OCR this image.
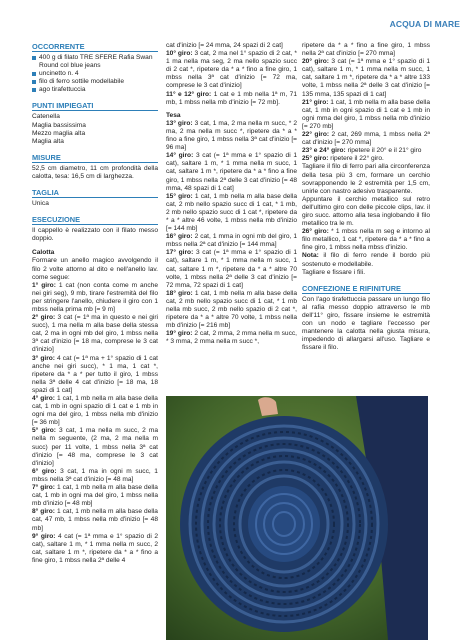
ACQUA DI MARE
OCCORRENTE
400 g di filato TRE SFERE Rafia Swan Round col blue jeans
uncinetto n. 4
filo di ferro sottile modellabile
ago tirafettuccia
PUNTI IMPIEGATI
Catenella
Maglia bassissima
Mezzo maglia alta
Maglia alta
MISURE
52,5 cm diametro, 11 cm profondità della calotta, tesa: 16,5 cm di larghezza.
TAGLIA
Unica
ESECUZIONE
Il cappello è realizzato con il filato messo doppio.
Calotta
Formare un anello magico avvolgendo il filo 2 volte attorno al dito e nell'anello lav. come segue:
1° giro: 1 cat (non conta come m anche nei giri seg), 9 mb, tirare l'estremità del filo per stringere l'anello, chiudere il giro con 1 mbss nella prima mb [= 9 m]
2° giro: 3 cat (= 1ª ma in questo e nei giri succ), 1 ma nella m alla base della stessa cat, 2 ma in ogni mb del giro, 1 mbss nella 3ª cat d'inizio [= 18 ma, comprese le 3 cat d'inizio]
3° giro: 4 cat (= 1ª ma + 1° spazio di 1 cat anche nei giri succ), * 1 ma, 1 cat *, ripetere da * a * per tutto il giro, 1 mbss nella 3ª delle 4 cat d'inizio [= 18 ma, 18 spazi di 1 cat]
4° giro: 1 cat, 1 mb nella m alla base della cat, 1 mb in ogni spazio di 1 cat e 1 mb in ogni ma del giro, 1 mbss nella mb d'inizio [= 36 mb]
5° giro: 3 cat, 1 ma nella m succ, 2 ma nella m seguente, (2 ma, 2 ma nella m succ) per 11 volte, 1 mbss nella 3ª cat d'inizio [= 48 ma, comprese le 3 cat d'inizio]
6° giro: 3 cat, 1 ma in ogni m succ, 1 mbss nella 3ª cat d'inizio [= 48 ma]
7° giro: 1 cat, 1 mb nella m alla base della cat, 1 mb in ogni ma del giro, 1 mbss nella mb d'inizio [= 48 mb]
8° giro: 1 cat, 1 mb nella m alla base della cat, 47 mb, 1 mbss nella mb d'inizio [= 48 mb]
9° giro: 4 cat (= 1ª mma e 1° spazio di 2 cat), saltare 1 m, * 1 mma nella m succ, 2 cat, saltare 1 m *, ripetere da * a * fino a fine giro, 1 mbss nella 2ª delle 4
cat d'inizio [= 24 mma, 24 spazi di 2 cat]
10° giro: 3 cat, 2 ma nel 1° spazio di 2 cat, * 1 ma nella ma seg, 2 ma nello spazio succ di 2 cat *, ripetere da * a * fino a fine giro, 1 mbss nella 3ª cat d'inizio [= 72 ma, comprese le 3 cat d'inizio]
11° e 12° giro: 1 cat e 1 mb nella 1ª m, 71 mb, 1 mbss nella mb d'inizio [= 72 mb].
Tesa
13° giro: 3 cat, 1 ma, 2 ma nella m succ, * 2 ma, 2 ma nella m succ *, ripetere da * a * fino a fine giro, 1 mbss nella 3ª cat d'inizio [= 96 ma]
14° giro: 3 cat (= 1ª mma e 1° spazio di 1 cat), saltare 1 m, * 1 mma nella m succ, 1 cat, saltare 1 m *, ripetere da * a * fino a fine giro, 1 mbss nella 2ª delle 3 cat d'inizio [= 48 mma, 48 spazi di 1 cat]
15° giro: 1 cat, 1 mb nella m alla base della cat, 2 mb nello spazio succ di 1 cat, * 1 mb, 2 mb nello spazio succ di 1 cat *, ripetere da * a * altre 46 volte, 1 mbss nella mb d'inizio [= 144 mb]
16° giro: 2 cat, 1 mma in ogni mb del giro, 1 mbss nella 2ª cat d'inizio [= 144 mma]
17° giro: 3 cat (= 1ª mma e 1° spazio di 1 cat), saltare 1 m, * 1 mma nella m succ, 1 cat, saltare 1 m *, ripetere da * a * altre 70 volte, 1 mbss nella 2ª delle 3 cat d'inizio [= 72 mma, 72 spazi di 1 cat]
18° giro: 1 cat, 1 mb nella m alla base della cat, 2 mb nello spazio succ di 1 cat, * 1 mb nella mb succ, 2 mb nello spazio di 2 cat *, ripetere da * a * altre 70 volte, 1 mbss nella mb d'inizio [= 216 mb]
19° giro: 2 cat, 2 mma, 2 mma nella m succ, * 3 mma, 2 mma nella m succ *,
ripetere da * a * fino a fine giro, 1 mbss nella 2ª cat d'inizio [= 270 mma]
20° giro: 3 cat (= 1ª mma e 1° spazio di 1 cat), saltare 1 m, * 1 mma nella m succ, 1 cat, saltare 1 m *, ripetere da * a * altre 133 volte, 1 mbss nella 2ª delle 3 cat d'inizio [= 135 mma, 135 spazi di 1 cat]
21° giro: 1 cat, 1 mb nella m alla base della cat, 1 mb in ogni spazio di 1 cat e 1 mb in ogni mma del giro, 1 mbss nella mb d'inizio [= 270 mb]
22° giro: 2 cat, 269 mma, 1 mbss nella 2ª cat d'inizio [= 270 mma]
23° e 24° giro: ripetere il 20° e il 21° giro
25° giro: ripetere il 22° giro.
Tagliare il filo di ferro pari alla circonferenza della tesa più 3 cm, formare un cerchio sovrapponendo le 2 estremità per 1,5 cm, unirle con nastro adesivo trasparente.
Appuntare il cerchio metallico sul retro dell'ultimo giro con delle piccole clips, lav. il giro succ. attorno alla tesa inglobando il filo metallico tra le m.
26° giro: * 1 mbss nella m seg e intorno al filo metallico, 1 cat *, ripetere da * a * fino a fine giro, 1 mbss nella mbss d'inizio.
Nota: il filo di ferro rende il bordo più sostenuto e modellabile.
Tagliare e fissare i fili.
CONFEZIONE E RIFINITURE
Con l'ago tirafettuccia passare un lungo filo al rafia messo doppio attraverso le mb dell'11° giro, fissare insieme le estremità con un nodo e tagliare l'eccesso per mantenere la calotta nella giusta misura, impedendo di allargarsi all'uso. Tagliare e fissare il filo.
